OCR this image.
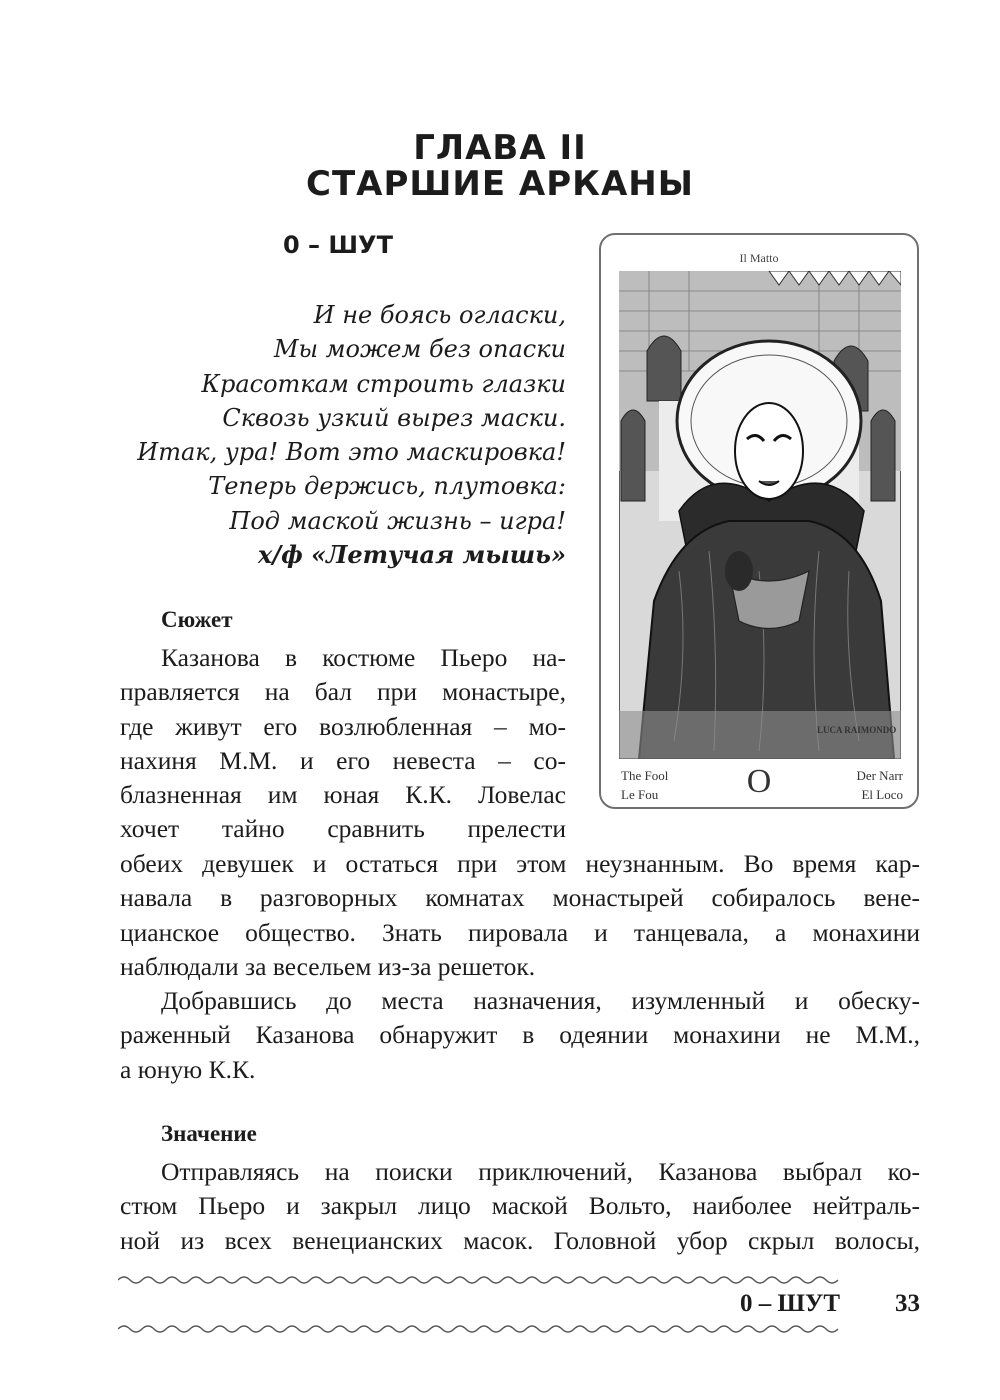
ГЛАВА II
СТАРШИЕ АРКАНЫ
0 – ШУТ
И не боясь огласки,
Мы можем без опаски
Красоткам строить глазки
Сквозь узкий вырез маски.
Итак, ура! Вот это маскировка!
Теперь держись, плутовка:
Под маской жизнь – игра!
х/ф «Летучая мышь»
Сюжет
Казанова в костюме Пьеро на-
правляется на бал при монастыре,
где живут его возлюбленная – мо-
нахиня М.М. и его невеста – со-
блазненная им юная К.К. Ловелас
хочет тайно сравнить прелести
обеих девушек и остаться при этом неузнанным. Во время кар-
навала в разговорных комнатах монастырей собиралось вене-
цианское общество. Знать пировала и танцевала, а монахини
наблюдали за весельем из-за решеток.
Добравшись до места назначения, изумленный и обеску-
раженный Казанова обнаружит в одеянии монахини не М.М.,
а юную К.К.
Значение
Отправляясь на поиски приключений, Казанова выбрал ко-
стюм Пьеро и закрыл лицо маской Вольто, наиболее нейтраль-
ной из всех венецианских масок. Головной убор скрыл волосы,
Il Matto
LUCA RAIMONDO
The Fool
Le Fou	O	Der Narr
El Loco
0 – ШУТ	33
